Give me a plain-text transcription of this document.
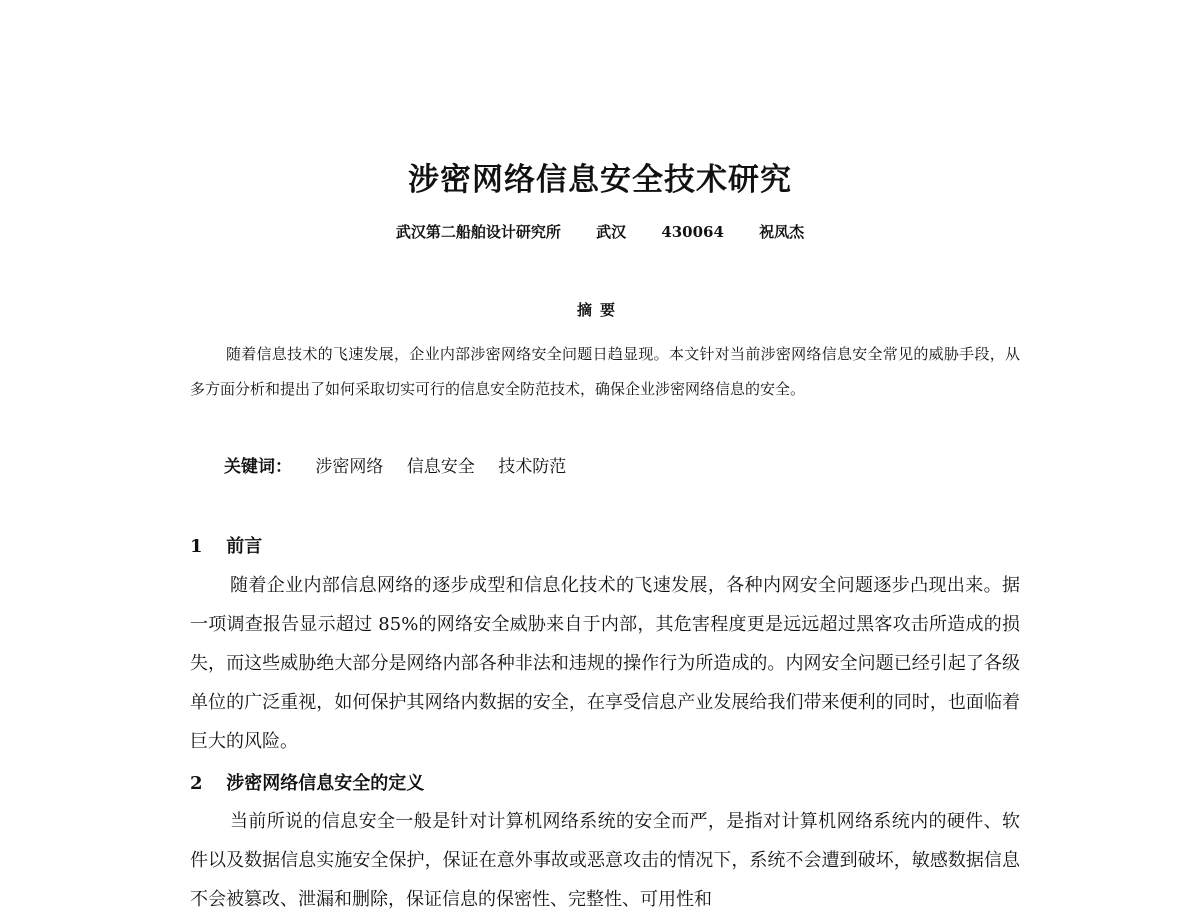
涉密网络信息安全技术研究
武汉第二船舶设计研究所 武汉 430064 祝凤杰
摘要

随着信息技术的飞速发展，企业内部涉密网络安全问题日趋显现。本文针对当前涉密网络信息安全常见的威胁手段，从多方面分析和提出了如何采取切实可行的信息安全防范技术，确保企业涉密网络信息的安全。

关键词： 涉密网络 信息安全 技术防范
1 前言

随着企业内部信息网络的逐步成型和信息化技术的飞速发展，各种内网安全问题逐步凸现出来。据一项调查报告显示超过 85%的网络安全威胁来自于内部，其危害程度更是远远超过黑客攻击所造成的损失，而这些威胁绝大部分是网络内部各种非法和违规的操作行为所造成的。内网安全问题已经引起了各级单位的广泛重视，如何保护其网络内数据的安全，在享受信息产业发展给我们带来便利的同时，也面临着巨大的风险。

2 涉密网络信息安全的定义

当前所说的信息安全一般是针对计算机网络系统的安全而严，是指对计算机网络系统内的硬件、软件以及数据信息实施安全保护，保证在意外事故或恶意攻击的情况下，系统不会遭到破坏，敏感数据信息不会被篡改、泄漏和删除，保证信息的保密性、完整性、可用性和
